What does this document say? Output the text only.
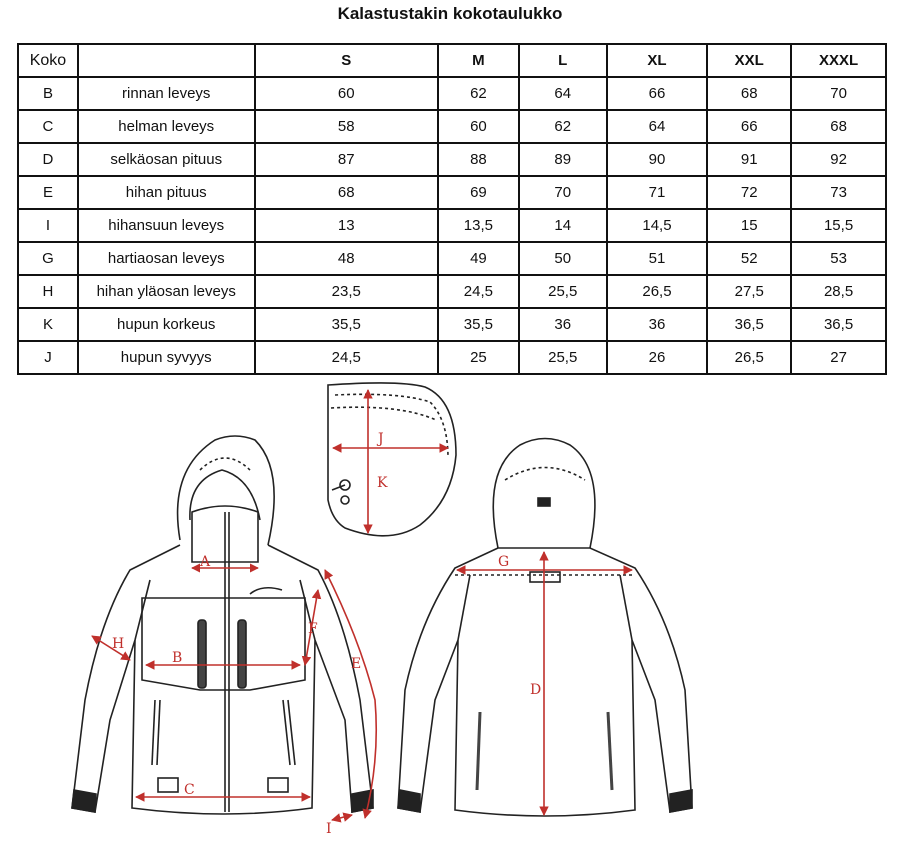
Kalastustakin kokotaulukko
Koko		S	M	L	XL	XXL	XXXL
B	rinnan leveys	60	62	64	66	68	70
C	helman leveys	58	60	62	64	66	68
D	selkäosan pituus	87	88	89	90	91	92
E	hihan pituus	68	69	70	71	72	73
I	hihansuun leveys	13	13,5	14	14,5	15	15,5
G	hartiaosan leveys	48	49	50	51	52	53
H	hihan yläosan leveys	23,5	24,5	25,5	26,5	27,5	28,5
K	hupun korkeus	35,5	35,5	36	36	36,5	36,5
J	hupun syvyys	24,5	25	25,5	26	26,5	27
J
K
A
B
C
H
F
E
I
G
D
